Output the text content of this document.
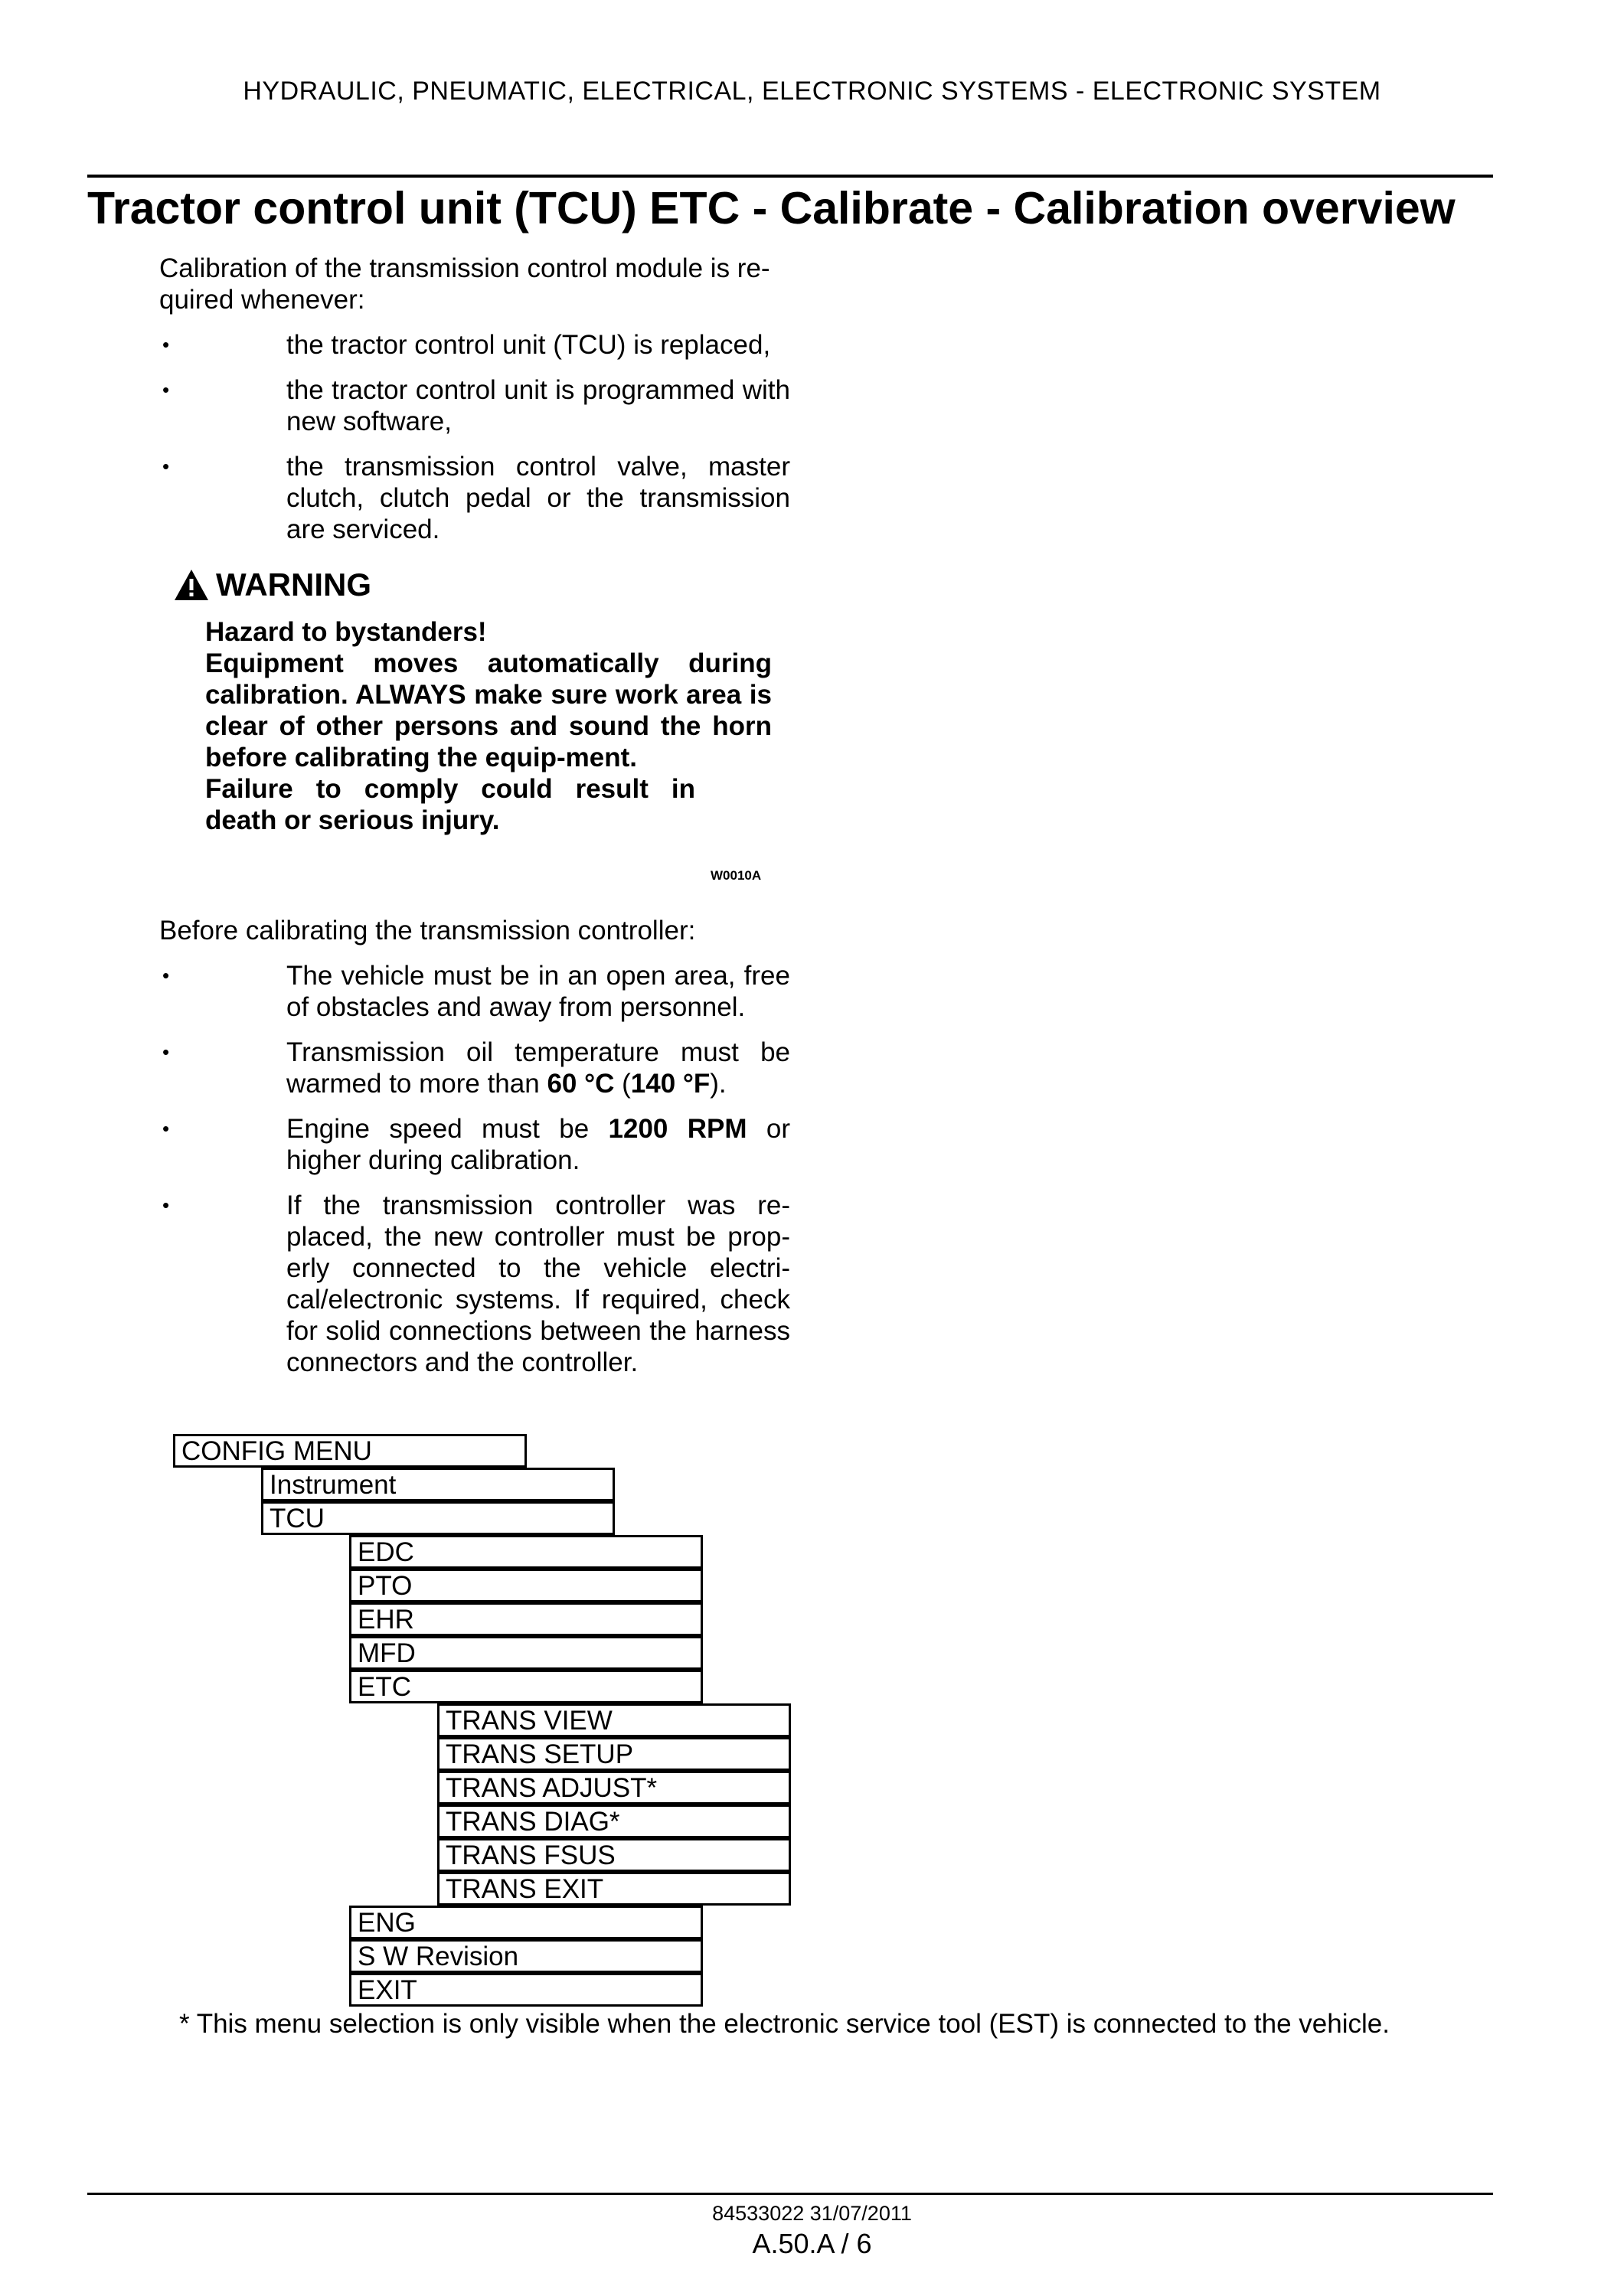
HYDRAULIC, PNEUMATIC, ELECTRICAL, ELECTRONIC SYSTEMS - ELECTRONIC SYSTEM
Tractor control unit (TCU) ETC - Calibrate - Calibration overview

Calibration of the transmission control module is re-quired whenever:

•	the tractor control unit (TCU) is replaced,
•	the tractor control unit is programmed with new software,
•	the transmission control valve, master clutch, clutch pedal or the transmission are serviced.
WARNING

Hazard to bystanders!

Equipment moves automatically during calibration. ALWAYS make sure work area is clear of other persons and sound the horn before calibrating the equip-ment.

Failure to comply could result in death or serious injury.

W0010A

Before calibrating the transmission controller:

•	The vehicle must be in an open area, free of obstacles and away from personnel.
•	Transmission oil temperature must be warmed to more than 60 °C (140 °F).
•	Engine speed must be 1200 RPM or higher during calibration.
•	If the transmission controller was re-placed, the new controller must be prop-erly connected to the vehicle electri-cal/electronic systems. If required, check for solid connections between the harness connectors and the controller.
CONFIG MENU
Instrument
TCU
EDC
PTO
EHR
MFD
ETC
TRANS VIEW
TRANS SETUP
TRANS ADJUST*
TRANS DIAG*
TRANS FSUS
TRANS EXIT
ENG
S W Revision
EXIT
* This menu selection is only visible when the electronic service tool (EST) is connected to the vehicle.
84533022 31/07/2011
A.50.A / 6
